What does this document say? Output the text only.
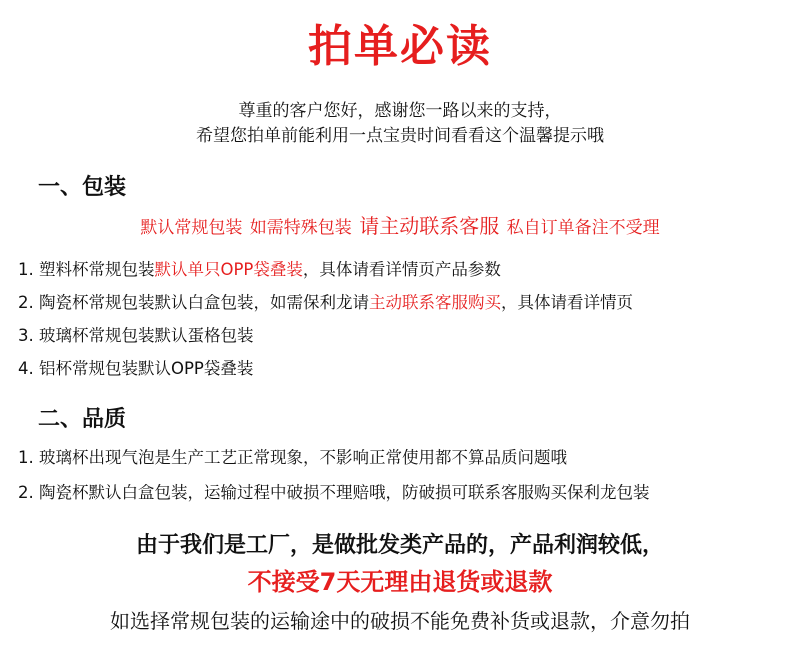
拍单必读
尊重的客户您好，感谢您一路以来的支持，
希望您拍单前能利用一点宝贵时间看看这个温馨提示哦
一、包装
默认常规包装 如需特殊包装 请主动联系客服 私自订单备注不受理
1. 塑料杯常规包装默认单只OPP袋叠装，具体请看详情页产品参数
2. 陶瓷杯常规包装默认白盒包装，如需保利龙请主动联系客服购买，具体请看详情页
3. 玻璃杯常规包装默认蛋格包装
4. 铝杯常规包装默认OPP袋叠装
二、品质
1. 玻璃杯出现气泡是生产工艺正常现象，不影响正常使用都不算品质问题哦
2. 陶瓷杯默认白盒包装，运输过程中破损不理赔哦，防破损可联系客服购买保利龙包装
由于我们是工厂，是做批发类产品的，产品利润较低，
不接受7天无理由退货或退款
如选择常规包装的运输途中的破损不能免费补货或退款，介意勿拍
